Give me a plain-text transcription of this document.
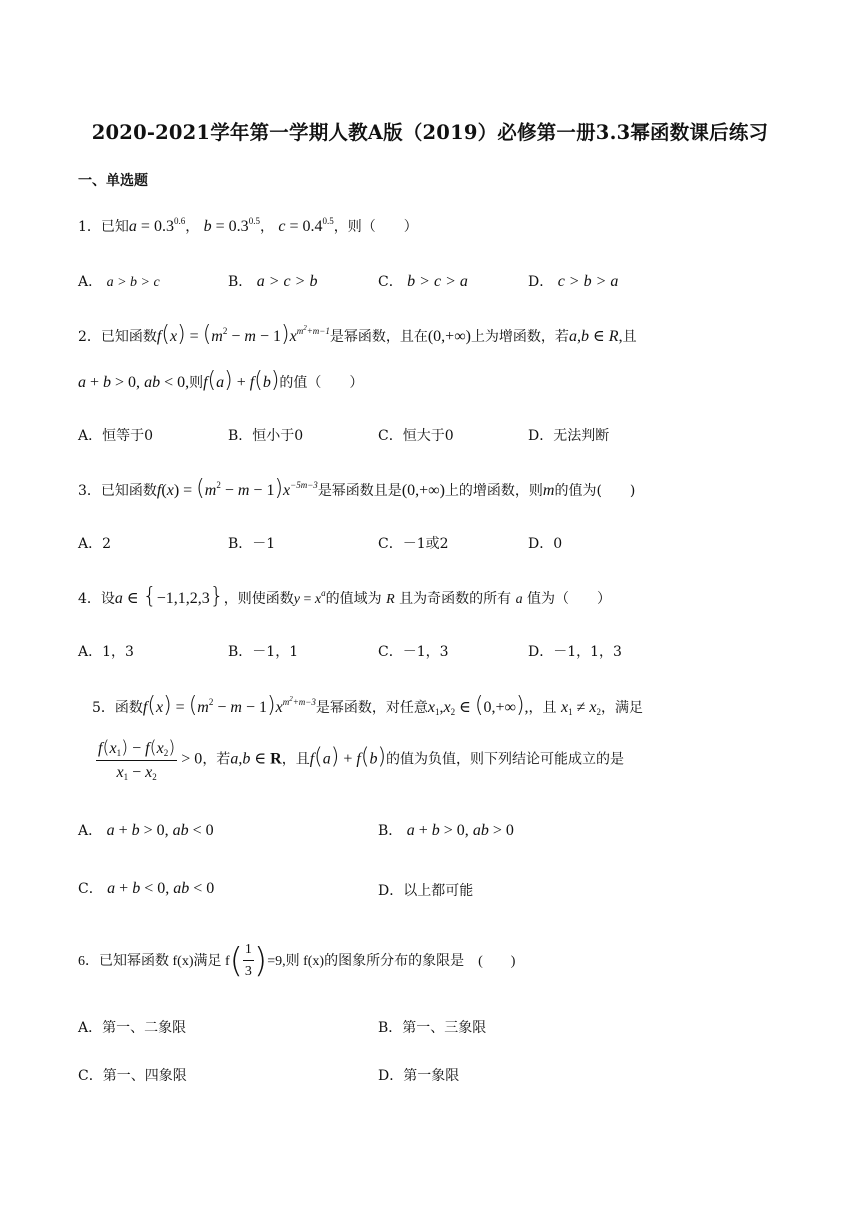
2020-2021学年第一学期人教A版（2019）必修第一册3.3幂函数课后练习
一、单选题
1．已知$a = 0.3^{0.6}$， $b = 0.3^{0.5}$， $c = 0.4^{0.5}$，则（　　）
A． a > b > c	B． a > c > b	C． b > c > a	D． c > b > a
2．已知函数$f(x) = (m^2 - m - 1)x^{m^2+m-1}$是幂函数，且在(0,+∞)上为增函数，若a,b ∈ R,且
a + b > 0, ab < 0,则f(a) + f(b)的值（　　）
A．恒等于0	B．恒小于0	C．恒大于0	D．无法判断
3．已知函数$f(x) = (m^2 - m - 1)x^{-5m-3}$是幂函数且是(0,+∞)上的增函数，则m的值为(　　)
A．2	B．－1	C．－1或2	D．0
4．设a ∈ {−1,1,2,3}，则使函数$y = x^a$的值域为 R 且为奇函数的所有 a 值为（　　）
A．1，3	B．－1，1	C．－1，3	D．－1，1，3
5．函数$f(x) = (m^2 - m - 1)x^{m^2+m-3}$是幂函数，对任意$x_1,x_2$ ∈ (0,+∞),，且 $x_1 \ne x_2$，满足
$\frac{f(x_1) - f(x_2)}{x_1 - x_2} > 0$，若a,b ∈ R，且f(a) + f(b)的值为负值，则下列结论可能成立的是
A． a + b > 0, ab < 0	B． a + b > 0, ab > 0
C． a + b < 0, ab < 0	D．以上都可能
6．已知幂函数 f(x)满足 $f( \frac{1}{3} )=9$,则 f(x)的图象所分布的象限是　(　　)
A．第一、二象限	B．第一、三象限
C．第一、四象限	D．第一象限
